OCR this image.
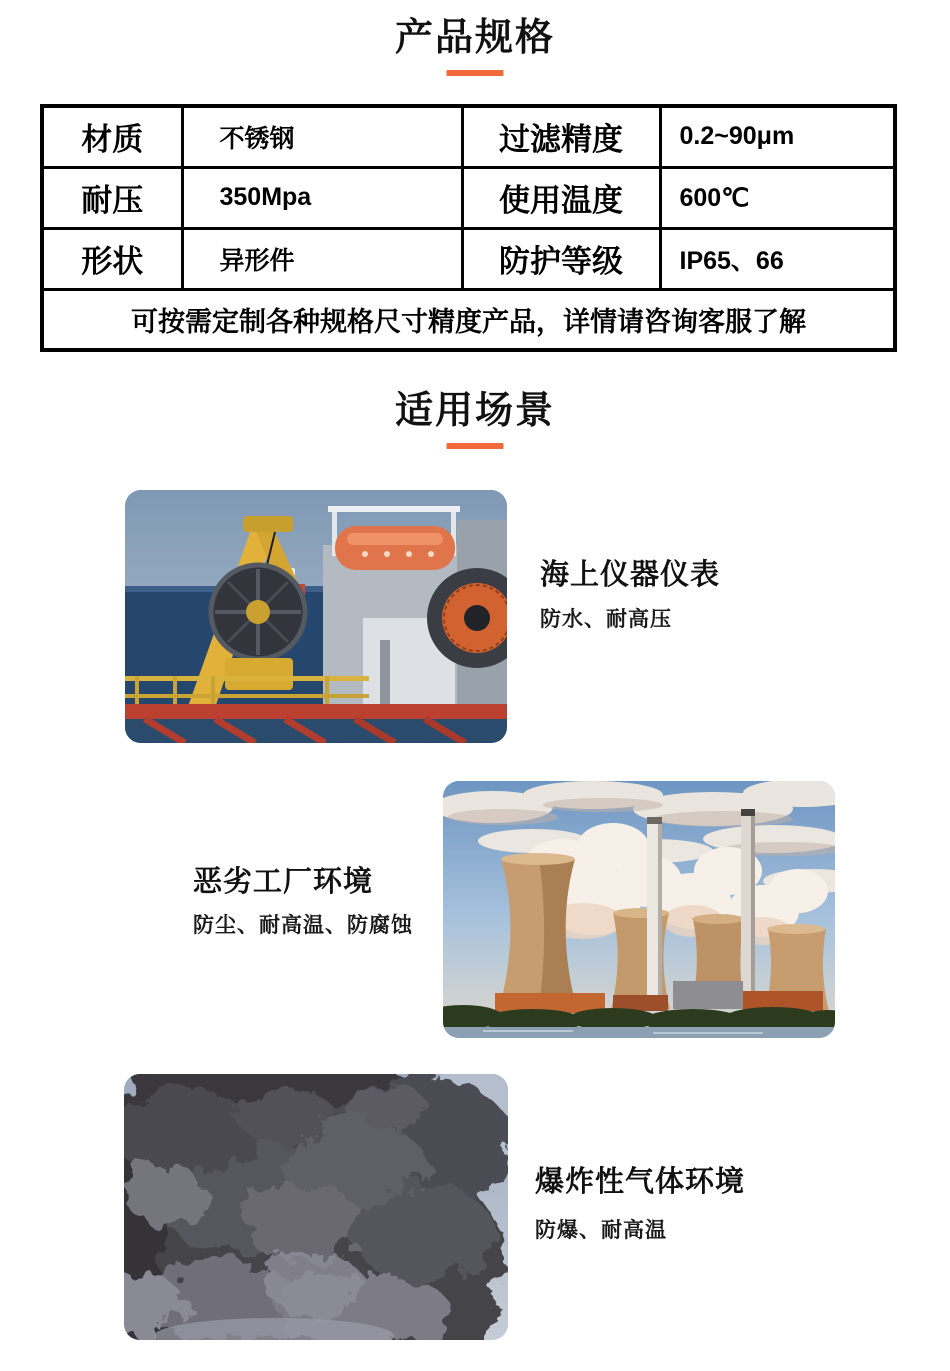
产品规格
材质	不锈钢	过滤精度	0.2~90μm
耐压	350Mpa	使用温度	600℃
形状	异形件	防护等级	IP65、66
可按需定制各种规格尺寸精度产品，详情请咨询客服了解			
适用场景
海上仪器仪表

防水、耐高压

恶劣工厂环境

防尘、耐高温、防腐蚀

爆炸性气体环境

防爆、耐高温
